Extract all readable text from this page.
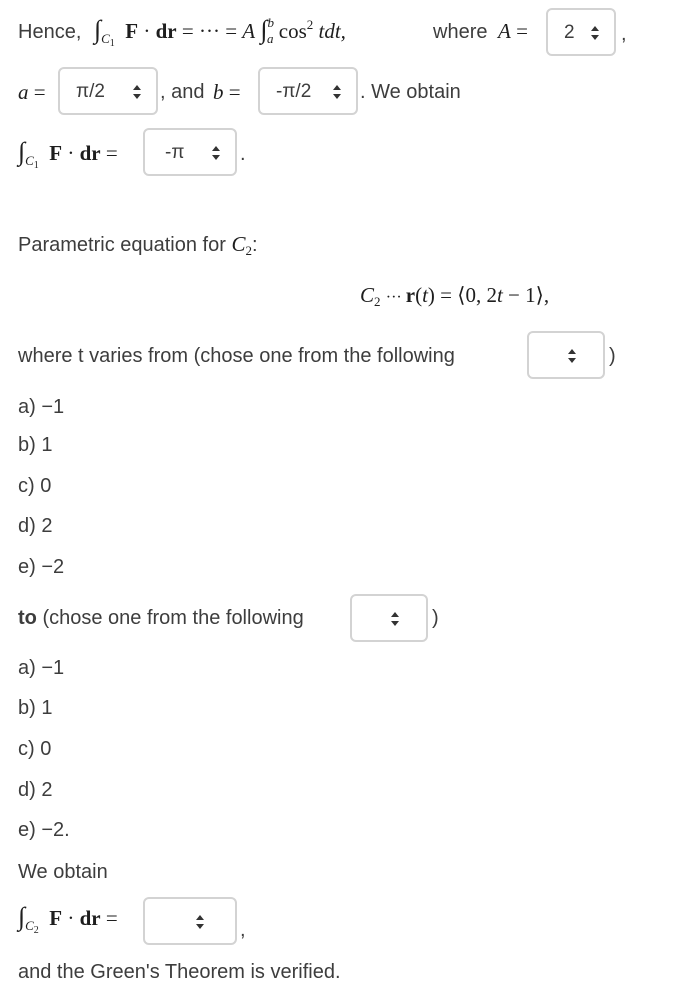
Hence, $\int_{C1}$  F · dr = ··· = A ∫$^b_a$ $\cos^2$ tdt,	where A = 2 ,
a = π/2	, and b = -π/2 . We obtain
$\int_{C1}$  F · dr = -π	.
Parametric equation for $C_2$:
C2 ··· r(t) = ⟨0, 2t − 1⟩,
where t varies from (chose one from the following	)
a) −1
b) 1
c) 0
d) 2
e) −2
to (chose one from the following	)
a) −1
b) 1
c) 0
d) 2
e) −2.
We obtain
$\int_{C2}$  F · dr =	,
and the Green's Theorem is verified.
